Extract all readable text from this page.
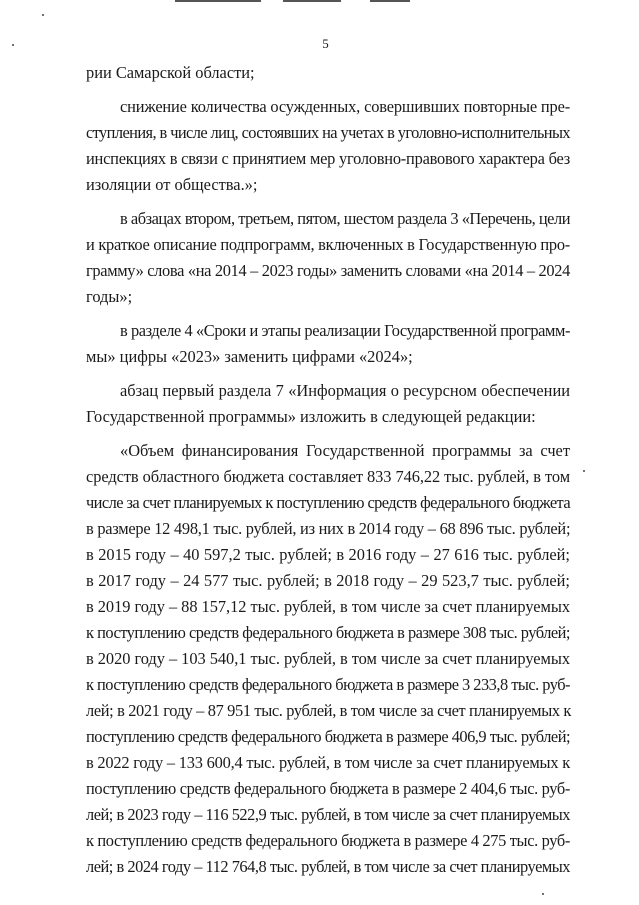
5
рии Самарской области;
снижение количества осужденных, совершивших повторные пре-
ступления, в числе лиц, состоявших на учетах в уголовно-исполнительных
инспекциях в связи с принятием мер уголовно-правового характера без
изоляции от общества.»;
в абзацах втором, третьем, пятом, шестом раздела 3 «Перечень, цели
и краткое описание подпрограмм, включенных в Государственную про-
грамму» слова «на 2014 – 2023 годы» заменить словами «на 2014 – 2024
годы»;
в разделе 4 «Сроки и этапы реализации Государственной программ-
мы» цифры «2023» заменить цифрами «2024»;
абзац первый раздела 7 «Информация о ресурсном обеспечении
Государственной программы» изложить в следующей редакции:
«Объем финансирования Государственной программы за счет
средств областного бюджета составляет 833 746,22 тыс. рублей, в том
числе за счет планируемых к поступлению средств федерального бюджета
в размере 12 498,1 тыс. рублей, из них в 2014 году – 68 896 тыс. рублей;
в 2015 году – 40 597,2 тыс. рублей; в 2016 году – 27 616 тыс. рублей;
в 2017 году – 24 577 тыс. рублей; в 2018 году – 29 523,7 тыс. рублей;
в 2019 году – 88 157,12 тыс. рублей, в том числе за счет планируемых
к поступлению средств федерального бюджета в размере 308 тыс. рублей;
в 2020 году – 103 540,1 тыс. рублей, в том числе за счет планируемых
к поступлению средств федерального бюджета в размере 3 233,8 тыс. руб-
лей; в 2021 году – 87 951 тыс. рублей, в том числе за счет планируемых к
поступлению средств федерального бюджета в размере 406,9 тыс. рублей;
в 2022 году – 133 600,4 тыс. рублей, в том числе за счет планируемых к
поступлению средств федерального бюджета в размере 2 404,6 тыс. руб-
лей; в 2023 году – 116 522,9 тыс. рублей, в том числе за счет планируемых
к поступлению средств федерального бюджета в размере 4 275 тыс. руб-
лей; в 2024 году – 112 764,8 тыс. рублей, в том числе за счет планируемых
